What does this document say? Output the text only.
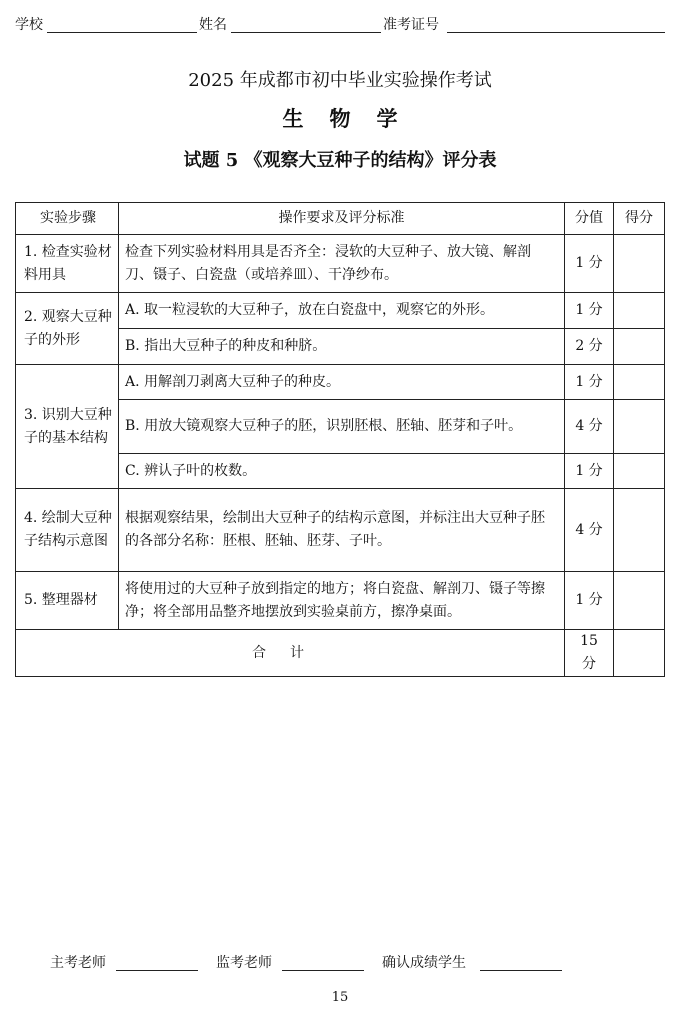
学校	姓名	准考证号
2025 年成都市初中毕业实验操作考试
生物学
试题 5 《观察大豆种子的结构》评分表
实验步骤	操作要求及评分标准	分值	得分
1. 检查实验材料用具	检查下列实验材料用具是否齐全：浸软的大豆种子、放大镜、解剖刀、镊子、白瓷盘（或培养皿）、干净纱布。	1 分	
2. 观察大豆种子的外形	A. 取一粒浸软的大豆种子，放在白瓷盘中，观察它的外形。	1 分	
	B. 指出大豆种子的种皮和种脐。	2 分	
3. 识别大豆种子的基本结构	A. 用解剖刀剥离大豆种子的种皮。	1 分	
	B. 用放大镜观察大豆种子的胚，识别胚根、胚轴、胚芽和子叶。	4 分	
	C. 辨认子叶的枚数。	1 分	
4. 绘制大豆种子结构示意图	根据观察结果，绘制出大豆种子的结构示意图，并标注出大豆种子胚的各部分名称：胚根、胚轴、胚芽、子叶。	4 分	
5. 整理器材	将使用过的大豆种子放到指定的地方；将白瓷盘、解剖刀、镊子等擦净；将全部用品整齐地摆放到实验桌前方，擦净桌面。	1 分	
合计		15 分	
主考老师	监考老师	确认成绩学生
15
